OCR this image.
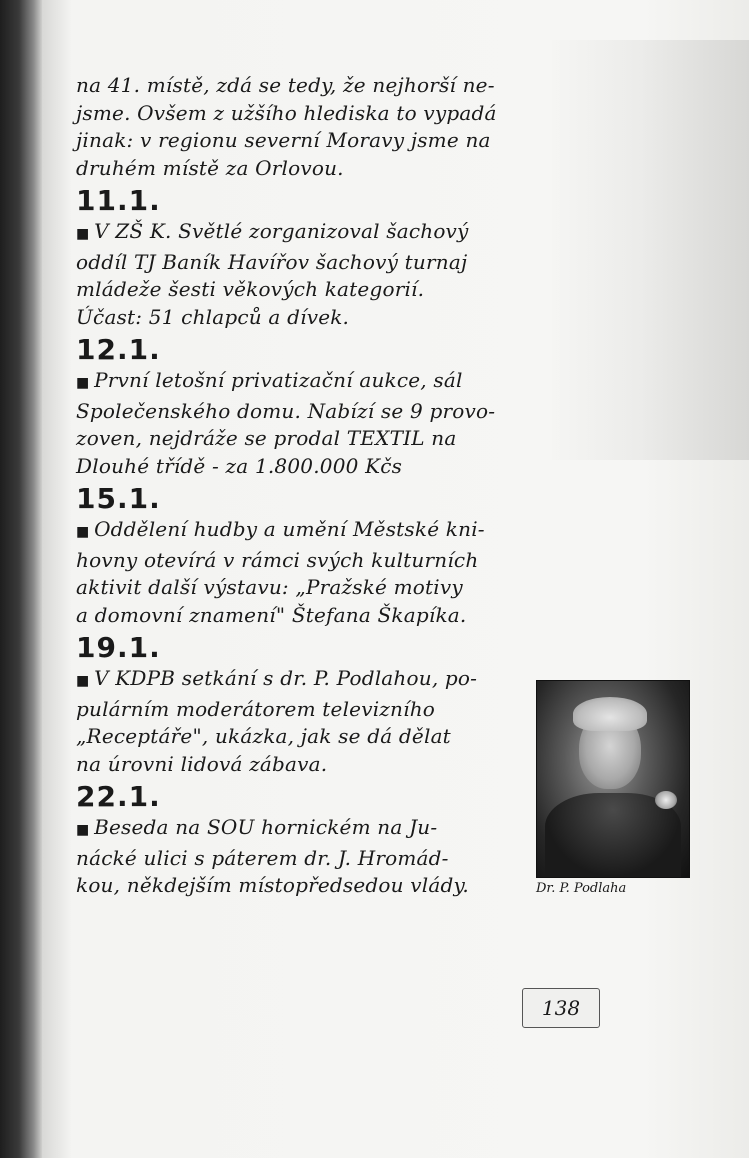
na 41. místě, zdá se tedy, že nejhorší ne-
jsme. Ovšem z užšího hlediska to vypadá
jinak: v regionu severní Moravy jsme na
druhém místě za Orlovou.
11.1.
■ V ZŠ K. Světlé zorganizoval šachový
oddíl TJ Baník Havířov šachový turnaj
mládeže šesti věkových kategorií.
Účast: 51 chlapců a dívek.
12.1.
■ První letošní privatizační aukce, sál
Společenského domu. Nabízí se 9 provo-
zoven, nejdráže se prodal TEXTIL na
Dlouhé třídě - za 1.800.000 Kčs
15.1.
■ Oddělení hudby a umění Městské kni-
hovny otevírá v rámci svých kulturních
aktivit další výstavu: „Pražské motivy
a domovní znamení" Štefana Škapíka.
19.1.
■ V KDPB setkání s dr. P. Podlahou, po-
pulárním moderátorem televizního
„Receptáře", ukázka, jak se dá dělat
na úrovni lidová zábava.
22.1.
■ Beseda na SOU hornickém na Ju-
nácké ulici s páterem dr. J. Hromád-
kou, někdejším místopředsedou vlády.	Dr. P. Podlaha
138
